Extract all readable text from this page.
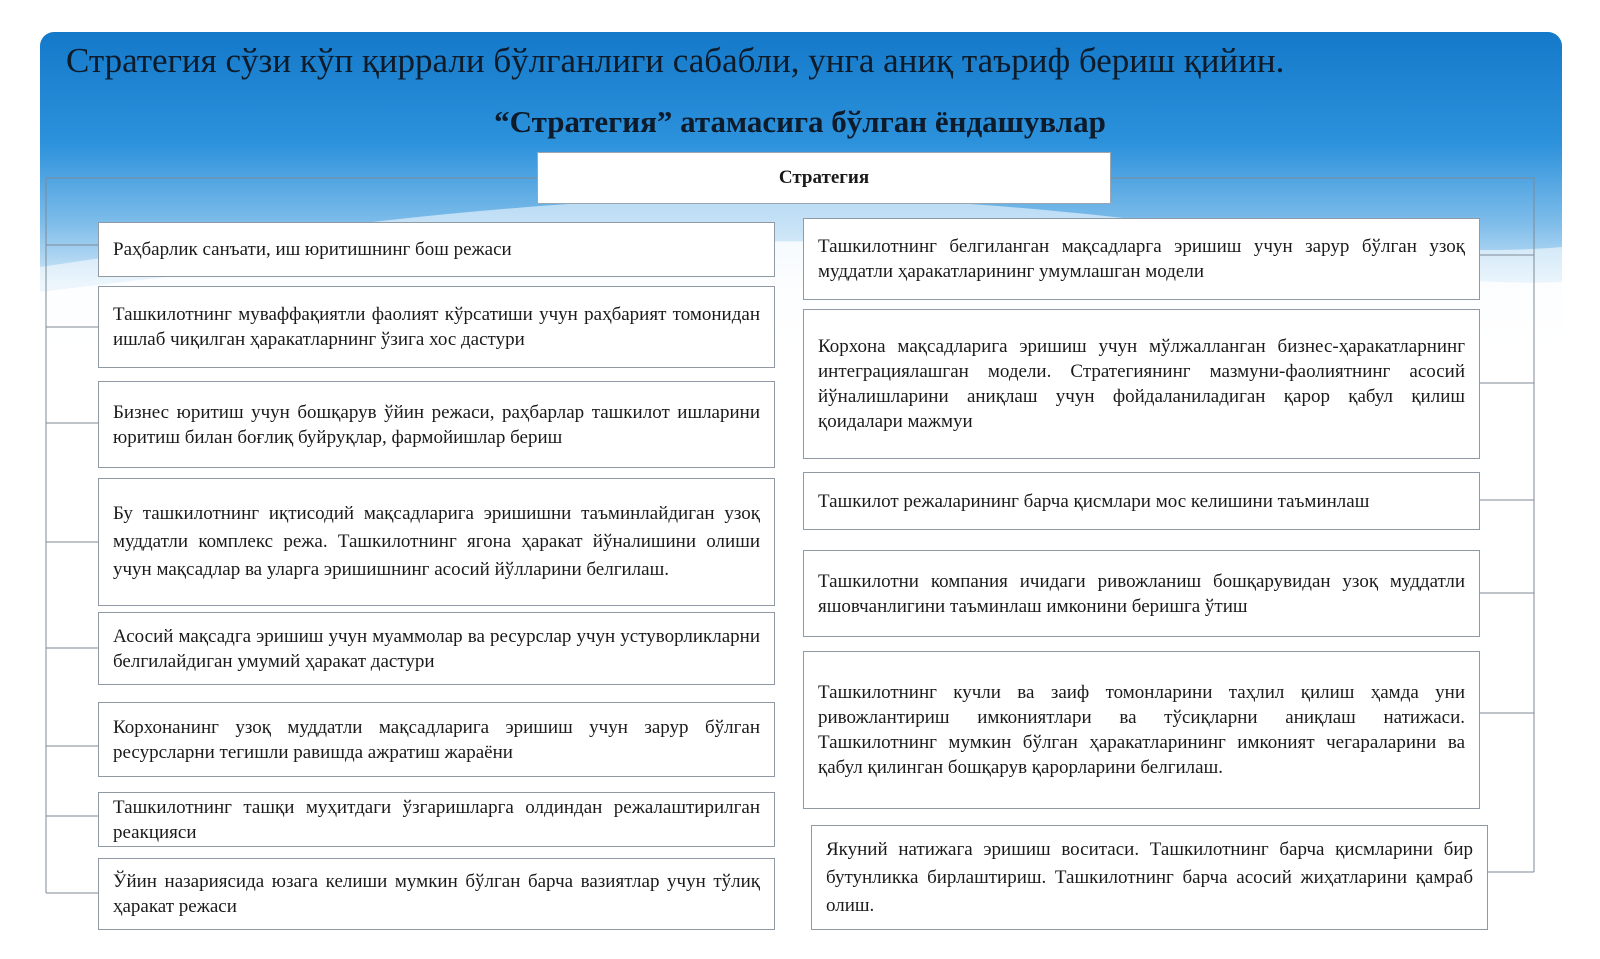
Стратегия сўзи кўп қиррали бўлганлиги сабабли, унга аниқ таъриф бериш қийин.
“Стратегия” атамасига бўлган ёндашувлар
Стратегия
Раҳбарлик санъати, иш юритишнинг бош режаси
Ташкилотнинг муваффақиятли фаолият кўрсатиши учун раҳбарият томонидан ишлаб чиқилган ҳаракатларнинг ўзига хос дастури
Бизнес юритиш учун бошқарув ўйин режаси, раҳбарлар ташкилот ишларини юритиш билан боғлиқ буйруқлар, фармойишлар бериш
Бу ташкилотнинг иқтисодий мақсадларига эришишни таъминлайдиган узоқ муддатли комплекс режа. Ташкилотнинг ягона ҳаракат йўналишини олиши учун мақсадлар ва уларга эришишнинг асосий йўлларини белгилаш.
Асосий мақсадга эришиш учун муаммолар ва ресурслар учун устуворликларни белгилайдиган умумий ҳаракат дастури
Корхонанинг узоқ муддатли мақсадларига эришиш учун зарур бўлган ресурсларни тегишли равишда ажратиш жараёни
Ташкилотнинг ташқи муҳитдаги ўзгаришларга олдиндан режалаштирилган реакцияси
Ўйин назариясида юзага келиши мумкин бўлган барча вазиятлар учун тўлиқ ҳаракат режаси
Ташкилотнинг белгиланган мақсадларга эришиш учун зарур бўлган узоқ муддатли ҳаракатларининг умумлашган модели
Корхона мақсадларига эришиш учун мўлжалланган бизнес-ҳаракатларнинг интеграциялашган модели. Стратегиянинг мазмуни-фаолиятнинг асосий йўналишларини аниқлаш учун фойдаланиладиган қарор қабул қилиш қоидалари мажмуи
Ташкилот режаларининг барча қисмлари мос келишини таъминлаш
Ташкилотни компания ичидаги ривожланиш бошқарувидан узоқ муддатли яшовчанлигини таъминлаш имконини беришга ўтиш
Ташкилотнинг кучли ва заиф томонларини таҳлил қилиш ҳамда уни ривожлантириш имкониятлари ва тўсиқларни аниқлаш натижаси. Ташкилотнинг мумкин бўлган ҳаракатларининг имконият чегараларини ва қабул қилинган бошқарув қарорларини белгилаш.
Якуний натижага эришиш воситаси. Ташкилотнинг барча қисмларини бир бутунликка бирлаштириш. Ташкилотнинг барча асосий жиҳатларини қамраб олиш.
